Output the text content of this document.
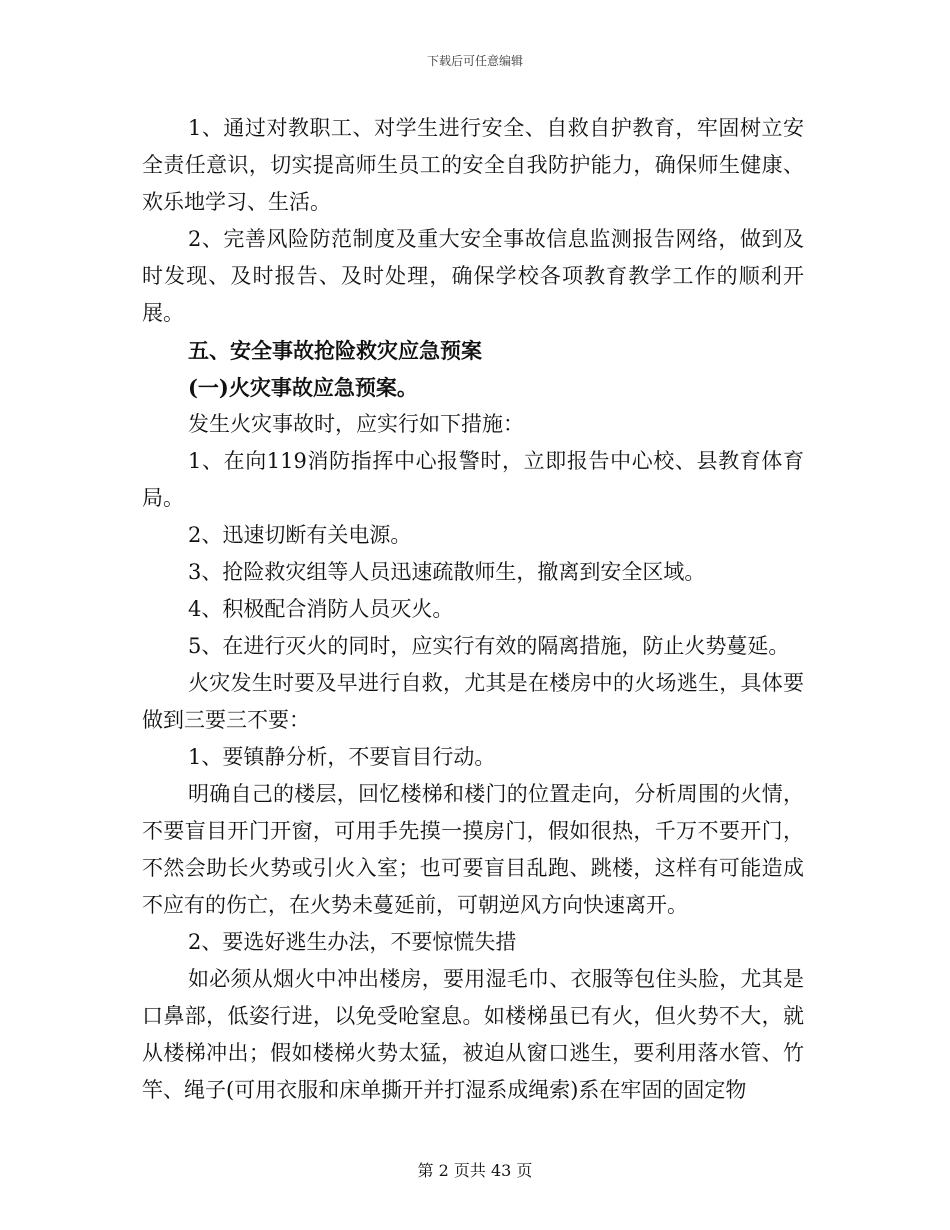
下载后可任意编辑

1、通过对教职工、对学生进行安全、自救自护教育，牢固树立安全责任意识，切实提高师生员工的安全自我防护能力，确保师生健康、欢乐地学习、生活。

2、完善风险防范制度及重大安全事故信息监测报告网络，做到及时发现、及时报告、及时处理，确保学校各项教育教学工作的顺利开展。

五、安全事故抢险救灾应急预案

(一)火灾事故应急预案。

发生火灾事故时，应实行如下措施：

1、在向119消防指挥中心报警时，立即报告中心校、县教育体育局。

2、迅速切断有关电源。

3、抢险救灾组等人员迅速疏散师生，撤离到安全区域。

4、积极配合消防人员灭火。

5、在进行灭火的同时，应实行有效的隔离措施，防止火势蔓延。

火灾发生时要及早进行自救，尤其是在楼房中的火场逃生，具体要做到三要三不要：

1、要镇静分析，不要盲目行动。

明确自己的楼层，回忆楼梯和楼门的位置走向，分析周围的火情，不要盲目开门开窗，可用手先摸一摸房门，假如很热，千万不要开门，不然会助长火势或引火入室；也可要盲目乱跑、跳楼，这样有可能造成不应有的伤亡，在火势未蔓延前，可朝逆风方向快速离开。

2、要选好逃生办法，不要惊慌失措

如必须从烟火中冲出楼房，要用湿毛巾、衣服等包住头脸，尤其是口鼻部，低姿行进，以免受呛窒息。如楼梯虽已有火，但火势不大，就从楼梯冲出；假如楼梯火势太猛，被迫从窗口逃生，要利用落水管、竹竿、绳子(可用衣服和床单撕开并打湿系成绳索)系在牢固的固定物

第 2 页共 43 页
